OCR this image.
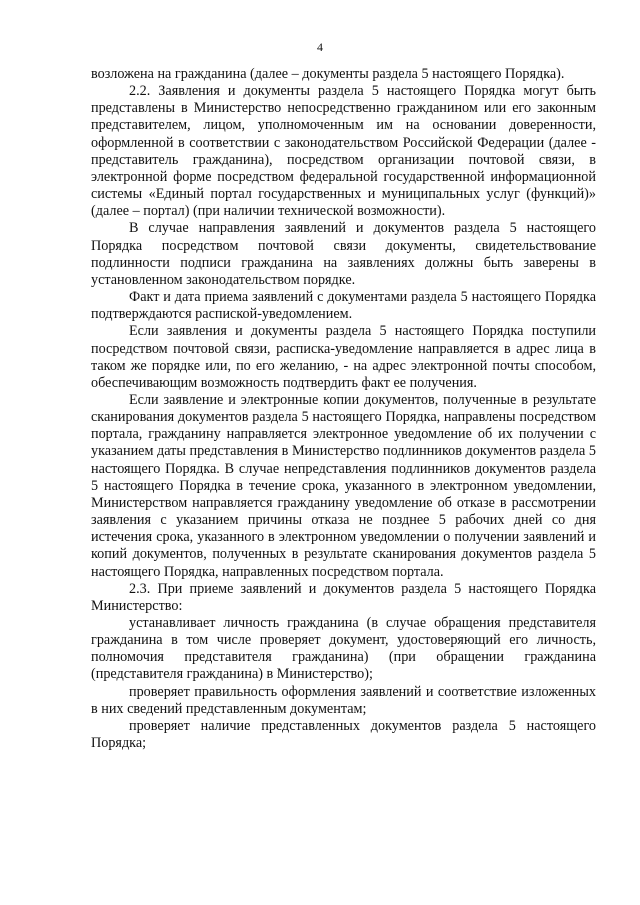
4

возложена на гражданина (далее – документы раздела 5 настоящего Порядка).

2.2. Заявления и документы раздела 5 настоящего Порядка могут быть представлены в Министерство непосредственно гражданином или его законным представителем, лицом, уполномоченным им на основании доверенности, оформленной в соответствии с законодательством Российской Федерации (далее - представитель гражданина), посредством организации почтовой связи, в электронной форме посредством федеральной государственной информационной системы «Единый портал государственных и муниципальных услуг (функций)» (далее – портал) (при наличии технической возможности).

В случае направления заявлений и документов раздела 5 настоящего Порядка посредством почтовой связи документы, свидетельствование подлинности подписи гражданина на заявлениях должны быть заверены в установленном законодательством порядке.

Факт и дата приема заявлений с документами раздела 5 настоящего Порядка подтверждаются распиской-уведомлением.

Если заявления и документы раздела 5 настоящего Порядка поступили посредством почтовой связи, расписка-уведомление направляется в адрес лица в таком же порядке или, по его желанию, - на адрес электронной почты способом, обеспечивающим возможность подтвердить факт ее получения.

Если заявление и электронные копии документов, полученные в результате сканирования документов раздела 5 настоящего Порядка, направлены посредством портала, гражданину направляется электронное уведомление об их получении с указанием даты представления в Министерство подлинников документов раздела 5 настоящего Порядка. В случае непредставления подлинников документов раздела 5 настоящего Порядка в течение срока, указанного в электронном уведомлении, Министерством направляется гражданину уведомление об отказе в рассмотрении заявления с указанием причины отказа не позднее 5 рабочих дней со дня истечения срока, указанного в электронном уведомлении о получении заявлений и копий документов, полученных в результате сканирования документов раздела 5 настоящего Порядка, направленных посредством портала.

2.3. При приеме заявлений и документов раздела 5 настоящего Порядка Министерство:

устанавливает личность гражданина (в случае обращения представителя гражданина в том числе проверяет документ, удостоверяющий его личность, полномочия представителя гражданина) (при обращении гражданина (представителя гражданина) в Министерство);

проверяет правильность оформления заявлений и соответствие изложенных в них сведений представленным документам;

проверяет наличие представленных документов раздела 5 настоящего Порядка;
